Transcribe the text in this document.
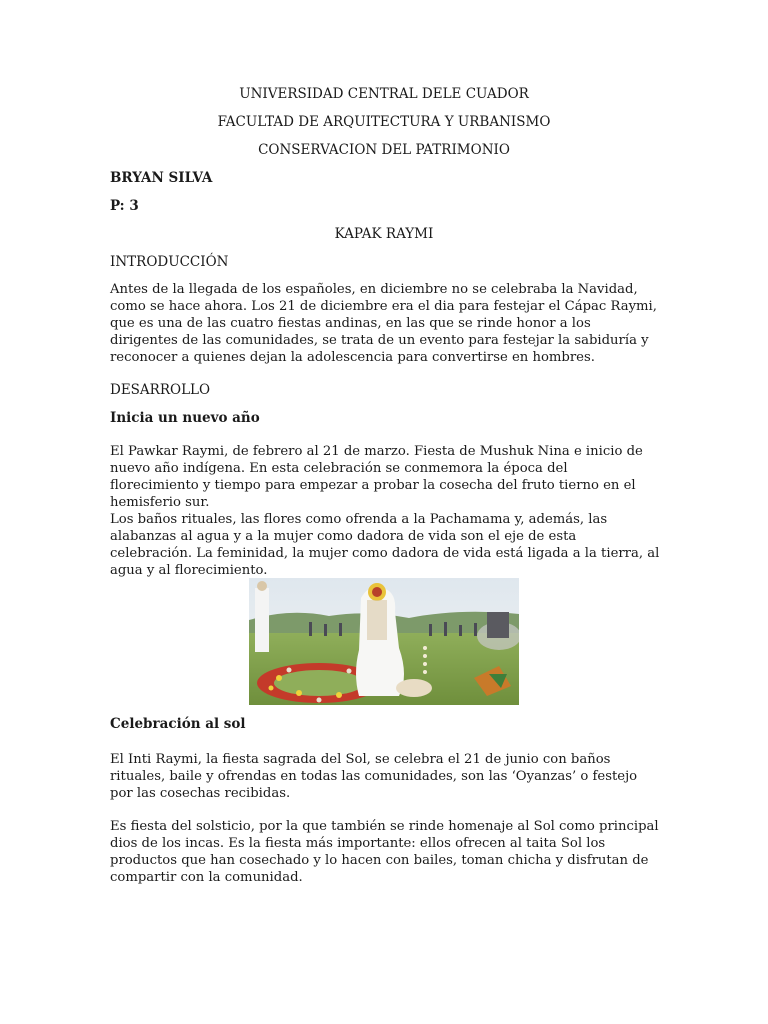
UNIVERSIDAD CENTRAL DELE CUADOR
FACULTAD DE ARQUITECTURA Y URBANISMO
CONSERVACION DEL PATRIMONIO
BRYAN SILVA
P: 3
KAPAK RAYMI
INTRODUCCIÓN
Antes de la llegada de los españoles, en diciembre no se celebraba la Navidad, como se hace ahora. Los 21 de diciembre era el dia para festejar el Cápac Raymi, que es una de las cuatro fiestas andinas, en las que se rinde honor a los dirigentes de las comunidades, se trata de un evento para festejar la sabiduría y reconocer a quienes dejan la adolescencia para convertirse en hombres.
DESARROLLO
Inicia un nuevo año
El Pawkar Raymi, de febrero al 21 de marzo. Fiesta de Mushuk Nina e inicio de nuevo año indígena. En esta celebración se conmemora la época del florecimiento y tiempo para empezar a probar la cosecha del fruto tierno en el hemisferio sur.
Los baños rituales, las flores como ofrenda a la Pachamama y, además, las alabanzas al agua y a la mujer como dadora de vida son el eje de esta celebración. La feminidad, la mujer como dadora de vida está ligada a la tierra, al agua y al florecimiento.
Celebración al sol
El Inti Raymi, la fiesta sagrada del Sol, se celebra el 21 de junio con baños rituales, baile y ofrendas en todas las comunidades, son las ‘Oyanzas’ o festejo por las cosechas recibidas.
Es fiesta del solsticio, por la que también se rinde homenaje al Sol como principal dios de los incas. Es la fiesta más importante: ellos ofrecen al taita Sol los productos que han cosechado y lo hacen con bailes, toman chicha y disfrutan de compartir con la comunidad.
